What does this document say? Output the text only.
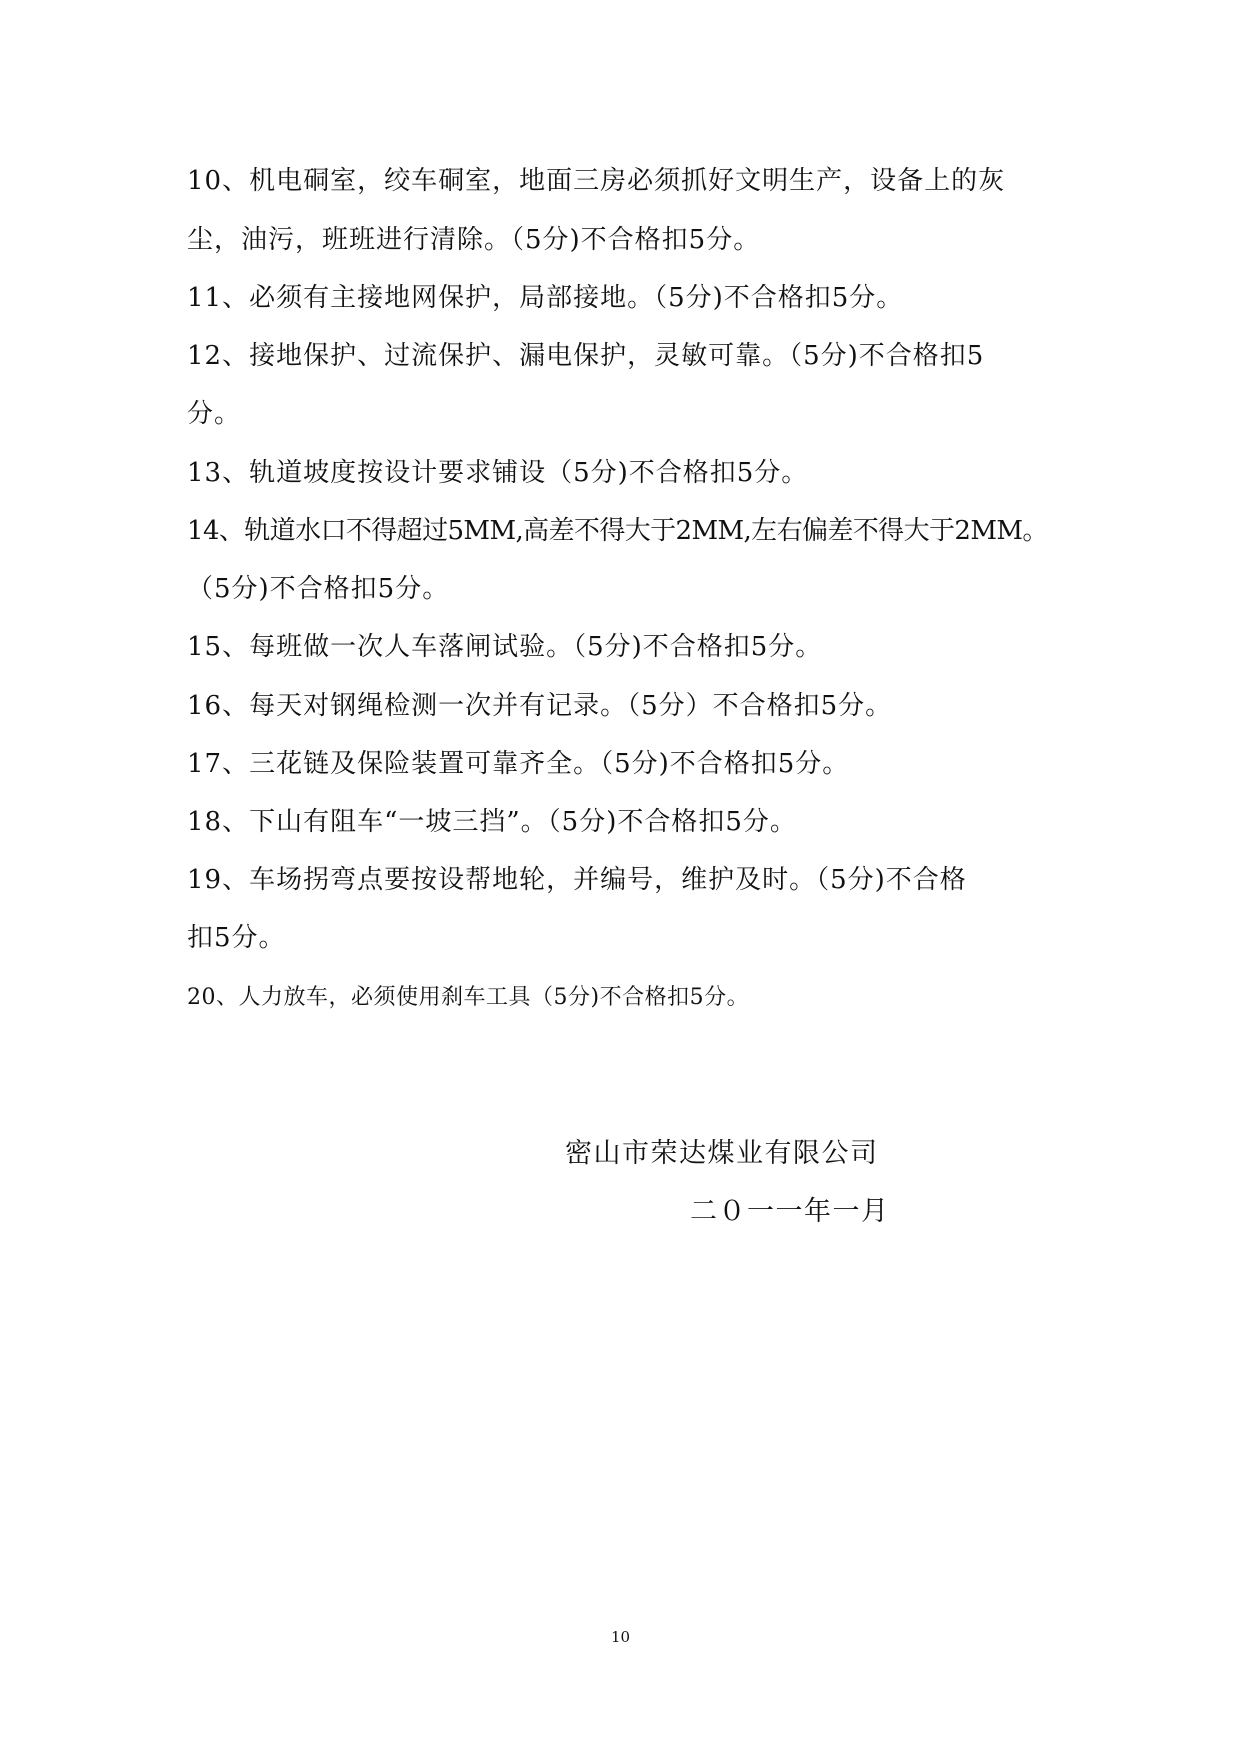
10、机电硐室，绞车硐室，地面三房必须抓好文明生产，设备上的灰
尘，油污，班班进行清除。（5分)不合格扣5分。
11、必须有主接地网保护，局部接地。（5分)不合格扣5分。
12、接地保护、过流保护、漏电保护，灵敏可靠。（5分)不合格扣5
分。
13、轨道坡度按设计要求铺设（5分)不合格扣5分。
14、轨道水口不得超过5MM,高差不得大于2MM,左右偏差不得大于2MM。
（5分)不合格扣5分。
15、每班做一次人车落闸试验。（5分)不合格扣5分。
16、每天对钢绳检测一次并有记录。（5分）不合格扣5分。
17、三花链及保险装置可靠齐全。（5分)不合格扣5分。
18、下山有阻车“一坡三挡”。（5分)不合格扣5分。
19、车场拐弯点要按设帮地轮，并编号，维护及时。（5分)不合格
扣5分。
20、人力放车，必须使用刹车工具（5分)不合格扣5分。
密山市荣达煤业有限公司
二０一一年一月
10
